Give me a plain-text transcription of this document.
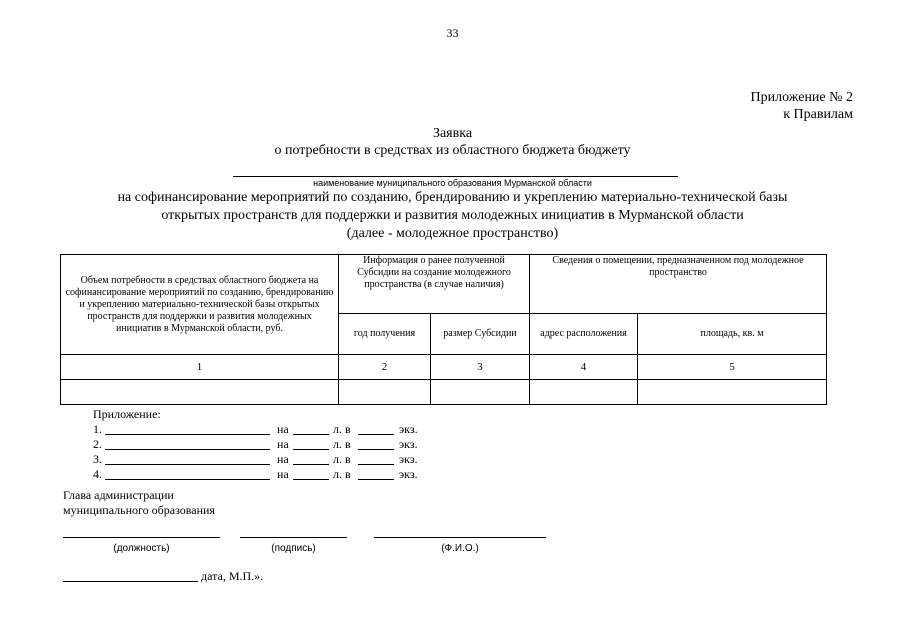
33
Приложение № 2
к Правилам
Заявка
о потребности в средствах из областного бюджета бюджету
наименование муниципального образования Мурманской области
на софинансирование мероприятий по созданию, брендированию и укреплению материально-технической базы
открытых пространств для поддержки и развития молодежных инициатив в Мурманской области
(далее - молодежное пространство)
Объем потребности в средствах областного бюджета на софинансирование мероприятий по созданию, брендированию и укреплению материально-технической базы открытых пространств для поддержки и развития молодежных инициатив в Мурманской области, руб.	Информация о ранее полученной Субсидии на создание молодежного пространства (в случае наличия)		Сведения о помещении, предназначенном под молодежное пространство	
	год получения	размер Субсидии	адрес расположения	площадь, кв. м
1	2	3	4	5

Приложение:
1.	на	л. в	экз.
2.	на	л. в	экз.
3.	на	л. в	экз.
4.	на	л. в	экз.
Глава администрации
муниципального образования
(должность)	(подпись)	(Ф.И.О.)
дата, М.П.».
